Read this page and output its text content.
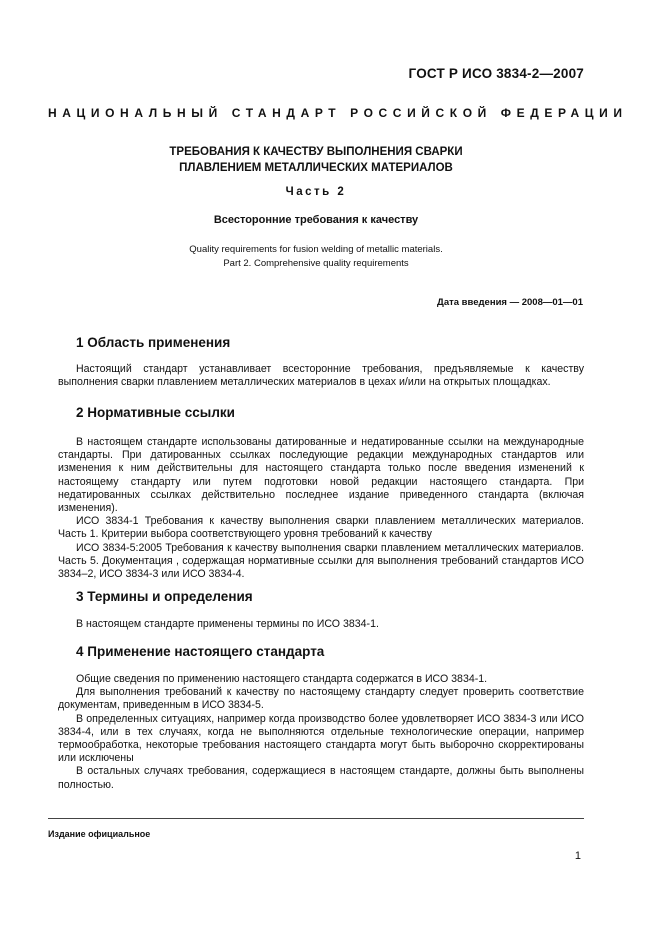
ГОСТ Р ИСО 3834-2—2007
НАЦИОНАЛЬНЫЙ СТАНДАРТ РОССИЙСКОЙ ФЕДЕРАЦИИ
ТРЕБОВАНИЯ К КАЧЕСТВУ ВЫПОЛНЕНИЯ СВАРКИ
ПЛАВЛЕНИЕМ МЕТАЛЛИЧЕСКИХ МАТЕРИАЛОВ
Часть 2
Всесторонние требования к качеству
Quality requirements for fusion welding of metallic materials.
Part 2. Comprehensive quality requirements
Дата введения — 2008—01—01
1 Область применения

Настоящий стандарт устанавливает всесторонние требования, предъявляемые к качеству выполнения сварки плавлением металлических материалов в цехах и/или на открытых площадках.

2 Нормативные ссылки

В настоящем стандарте использованы датированные и недатированные ссылки на международные стандарты. При датированных ссылках последующие редакции международных стандартов или изменения к ним действительны для настоящего стандарта только после введения изменений к настоящему стандарту или путем подготовки новой редакции настоящего стандарта. При недатированных ссылках действительно последнее издание приведенного стандарта (включая изменения).

ИСО 3834-1 Требования к качеству выполнения сварки плавлением металлических материалов. Часть 1. Критерии выбора соответствующего уровня требований к качеству

ИСО 3834-5:2005 Требования к качеству выполнения сварки плавлением металлических материалов. Часть 5. Документация , содержащая нормативные ссылки для выполнения требований стандартов ИСО 3834–2, ИСО 3834-3 или ИСО 3834-4.

3 Термины и определения

В настоящем стандарте применены термины по ИСО 3834-1.

4 Применение настоящего стандарта

Общие сведения по применению настоящего стандарта содержатся в ИСО 3834-1.

Для выполнения требований к качеству по настоящему стандарту следует проверить соответствие документам, приведенным в ИСО 3834-5.

В определенных ситуациях, например когда производство более удовлетворяет ИСО 3834-3 или ИСО 3834-4, или в тех случаях, когда не выполняются отдельные технологические операции, например термообработка, некоторые требования настоящего стандарта могут быть выборочно скорректированы или исключены

В остальных случаях требования, содержащиеся в настоящем стандарте, должны быть выполнены полностью.

Издание официальное
1
